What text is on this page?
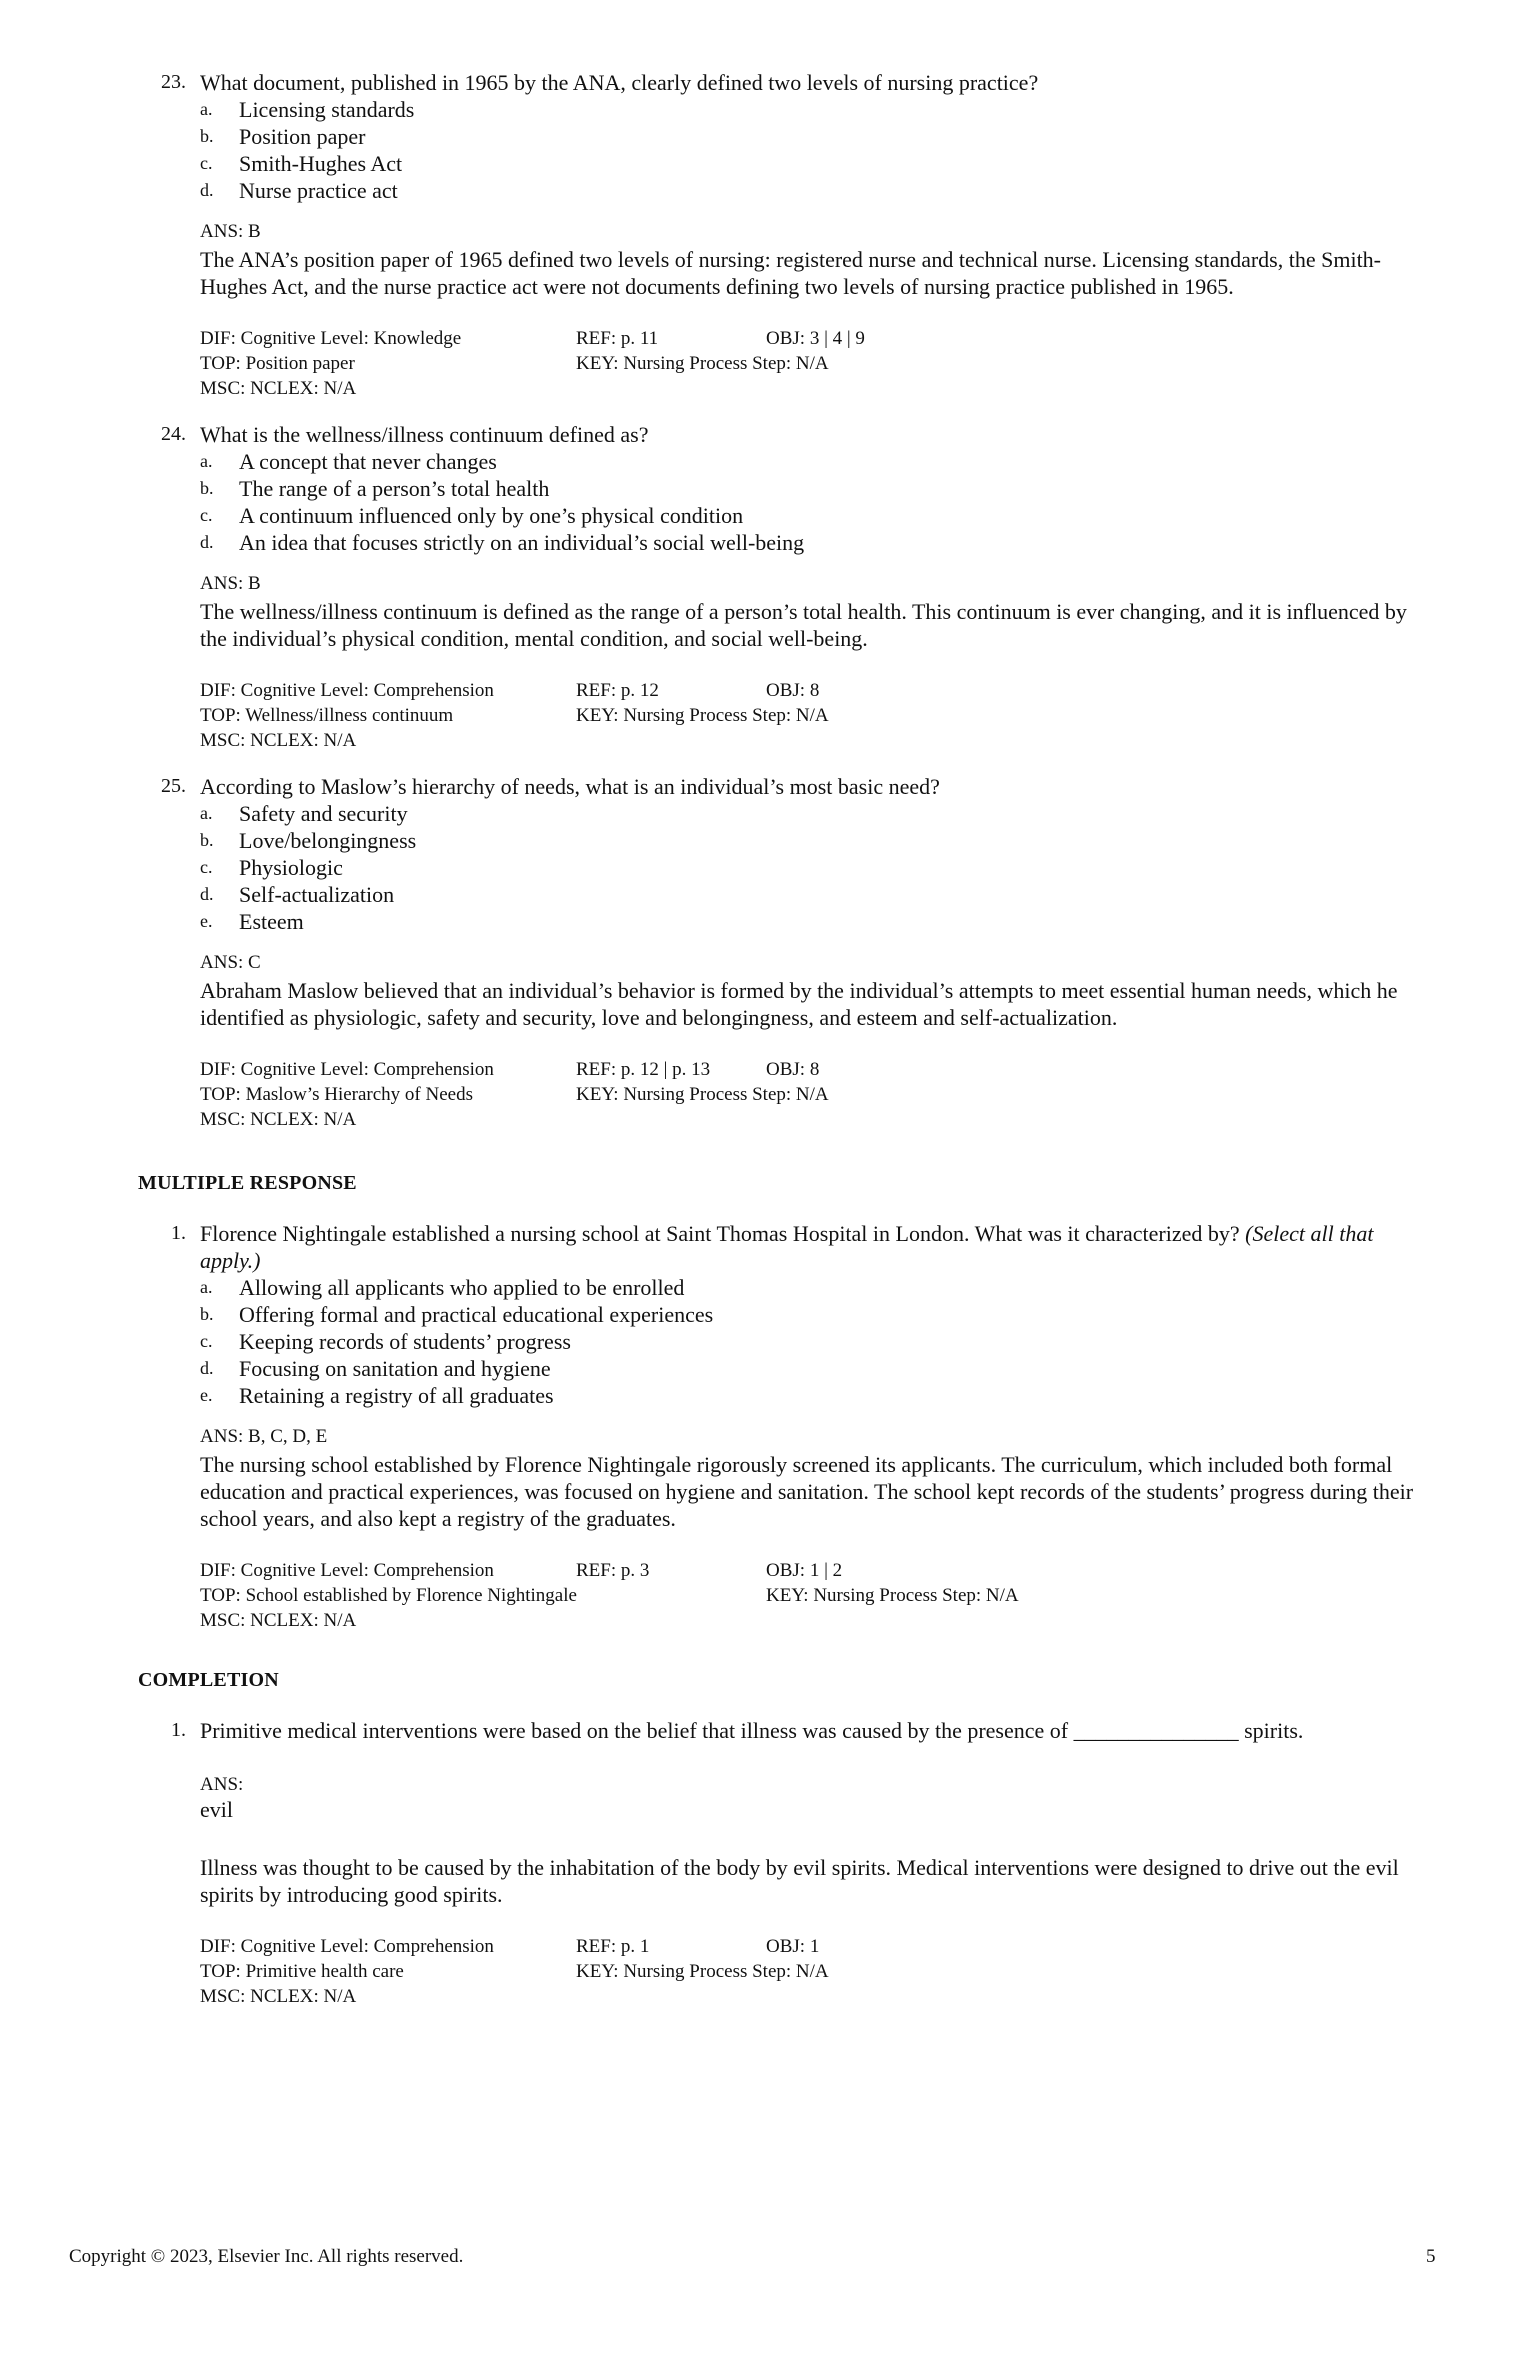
23. What document, published in 1965 by the ANA, clearly defined two levels of nursing practice?
a.	Licensing standards
b.	Position paper
c.	Smith-Hughes Act
d.	Nurse practice act
ANS: B
The ANA’s position paper of 1965 defined two levels of nursing: registered nurse and technical nurse. Licensing standards, the Smith-Hughes Act, and the nurse practice act were not documents defining two levels of nursing practice published in 1965.
DIF: Cognitive Level: Knowledge	REF: p. 11	OBJ: 3 | 4 | 9
TOP: Position paper	KEY: Nursing Process Step: N/A
MSC: NCLEX: N/A
24. What is the wellness/illness continuum defined as?
a.	A concept that never changes
b.	The range of a person’s total health
c.	A continuum influenced only by one’s physical condition
d.	An idea that focuses strictly on an individual’s social well-being
ANS: B
The wellness/illness continuum is defined as the range of a person’s total health. This continuum is ever changing, and it is influenced by the individual’s physical condition, mental condition, and social well-being.
DIF: Cognitive Level: Comprehension	REF: p. 12	OBJ: 8
TOP: Wellness/illness continuum	KEY: Nursing Process Step: N/A
MSC: NCLEX: N/A
25. According to Maslow’s hierarchy of needs, what is an individual’s most basic need?
a.	Safety and security
b.	Love/belongingness
c.	Physiologic
d.	Self-actualization
e.	Esteem
ANS: C
Abraham Maslow believed that an individual’s behavior is formed by the individual’s attempts to meet essential human needs, which he identified as physiologic, safety and security, love and belongingness, and esteem and self-actualization.
DIF: Cognitive Level: Comprehension	REF: p. 12 | p. 13	OBJ: 8
TOP: Maslow’s Hierarchy of Needs	KEY: Nursing Process Step: N/A
MSC: NCLEX: N/A
MULTIPLE RESPONSE
1. Florence Nightingale established a nursing school at Saint Thomas Hospital in London. What was it characterized by? (Select all that apply.)
a.	Allowing all applicants who applied to be enrolled
b.	Offering formal and practical educational experiences
c.	Keeping records of students’ progress
d.	Focusing on sanitation and hygiene
e.	Retaining a registry of all graduates
ANS: B, C, D, E
The nursing school established by Florence Nightingale rigorously screened its applicants. The curriculum, which included both formal education and practical experiences, was focused on hygiene and sanitation. The school kept records of the students’ progress during their school years, and also kept a registry of the graduates.
DIF: Cognitive Level: Comprehension	REF: p. 3	OBJ: 1 | 2
TOP: School established by Florence Nightingale	KEY: Nursing Process Step: N/A
MSC: NCLEX: N/A
COMPLETION
1. Primitive medical interventions were based on the belief that illness was caused by the presence of _______________ spirits.
ANS:
evil
Illness was thought to be caused by the inhabitation of the body by evil spirits. Medical interventions were designed to drive out the evil spirits by introducing good spirits.
DIF: Cognitive Level: Comprehension	REF: p. 1	OBJ: 1
TOP: Primitive health care	KEY: Nursing Process Step: N/A
MSC: NCLEX: N/A
Copyright © 2023, Elsevier Inc. All rights reserved.	5
